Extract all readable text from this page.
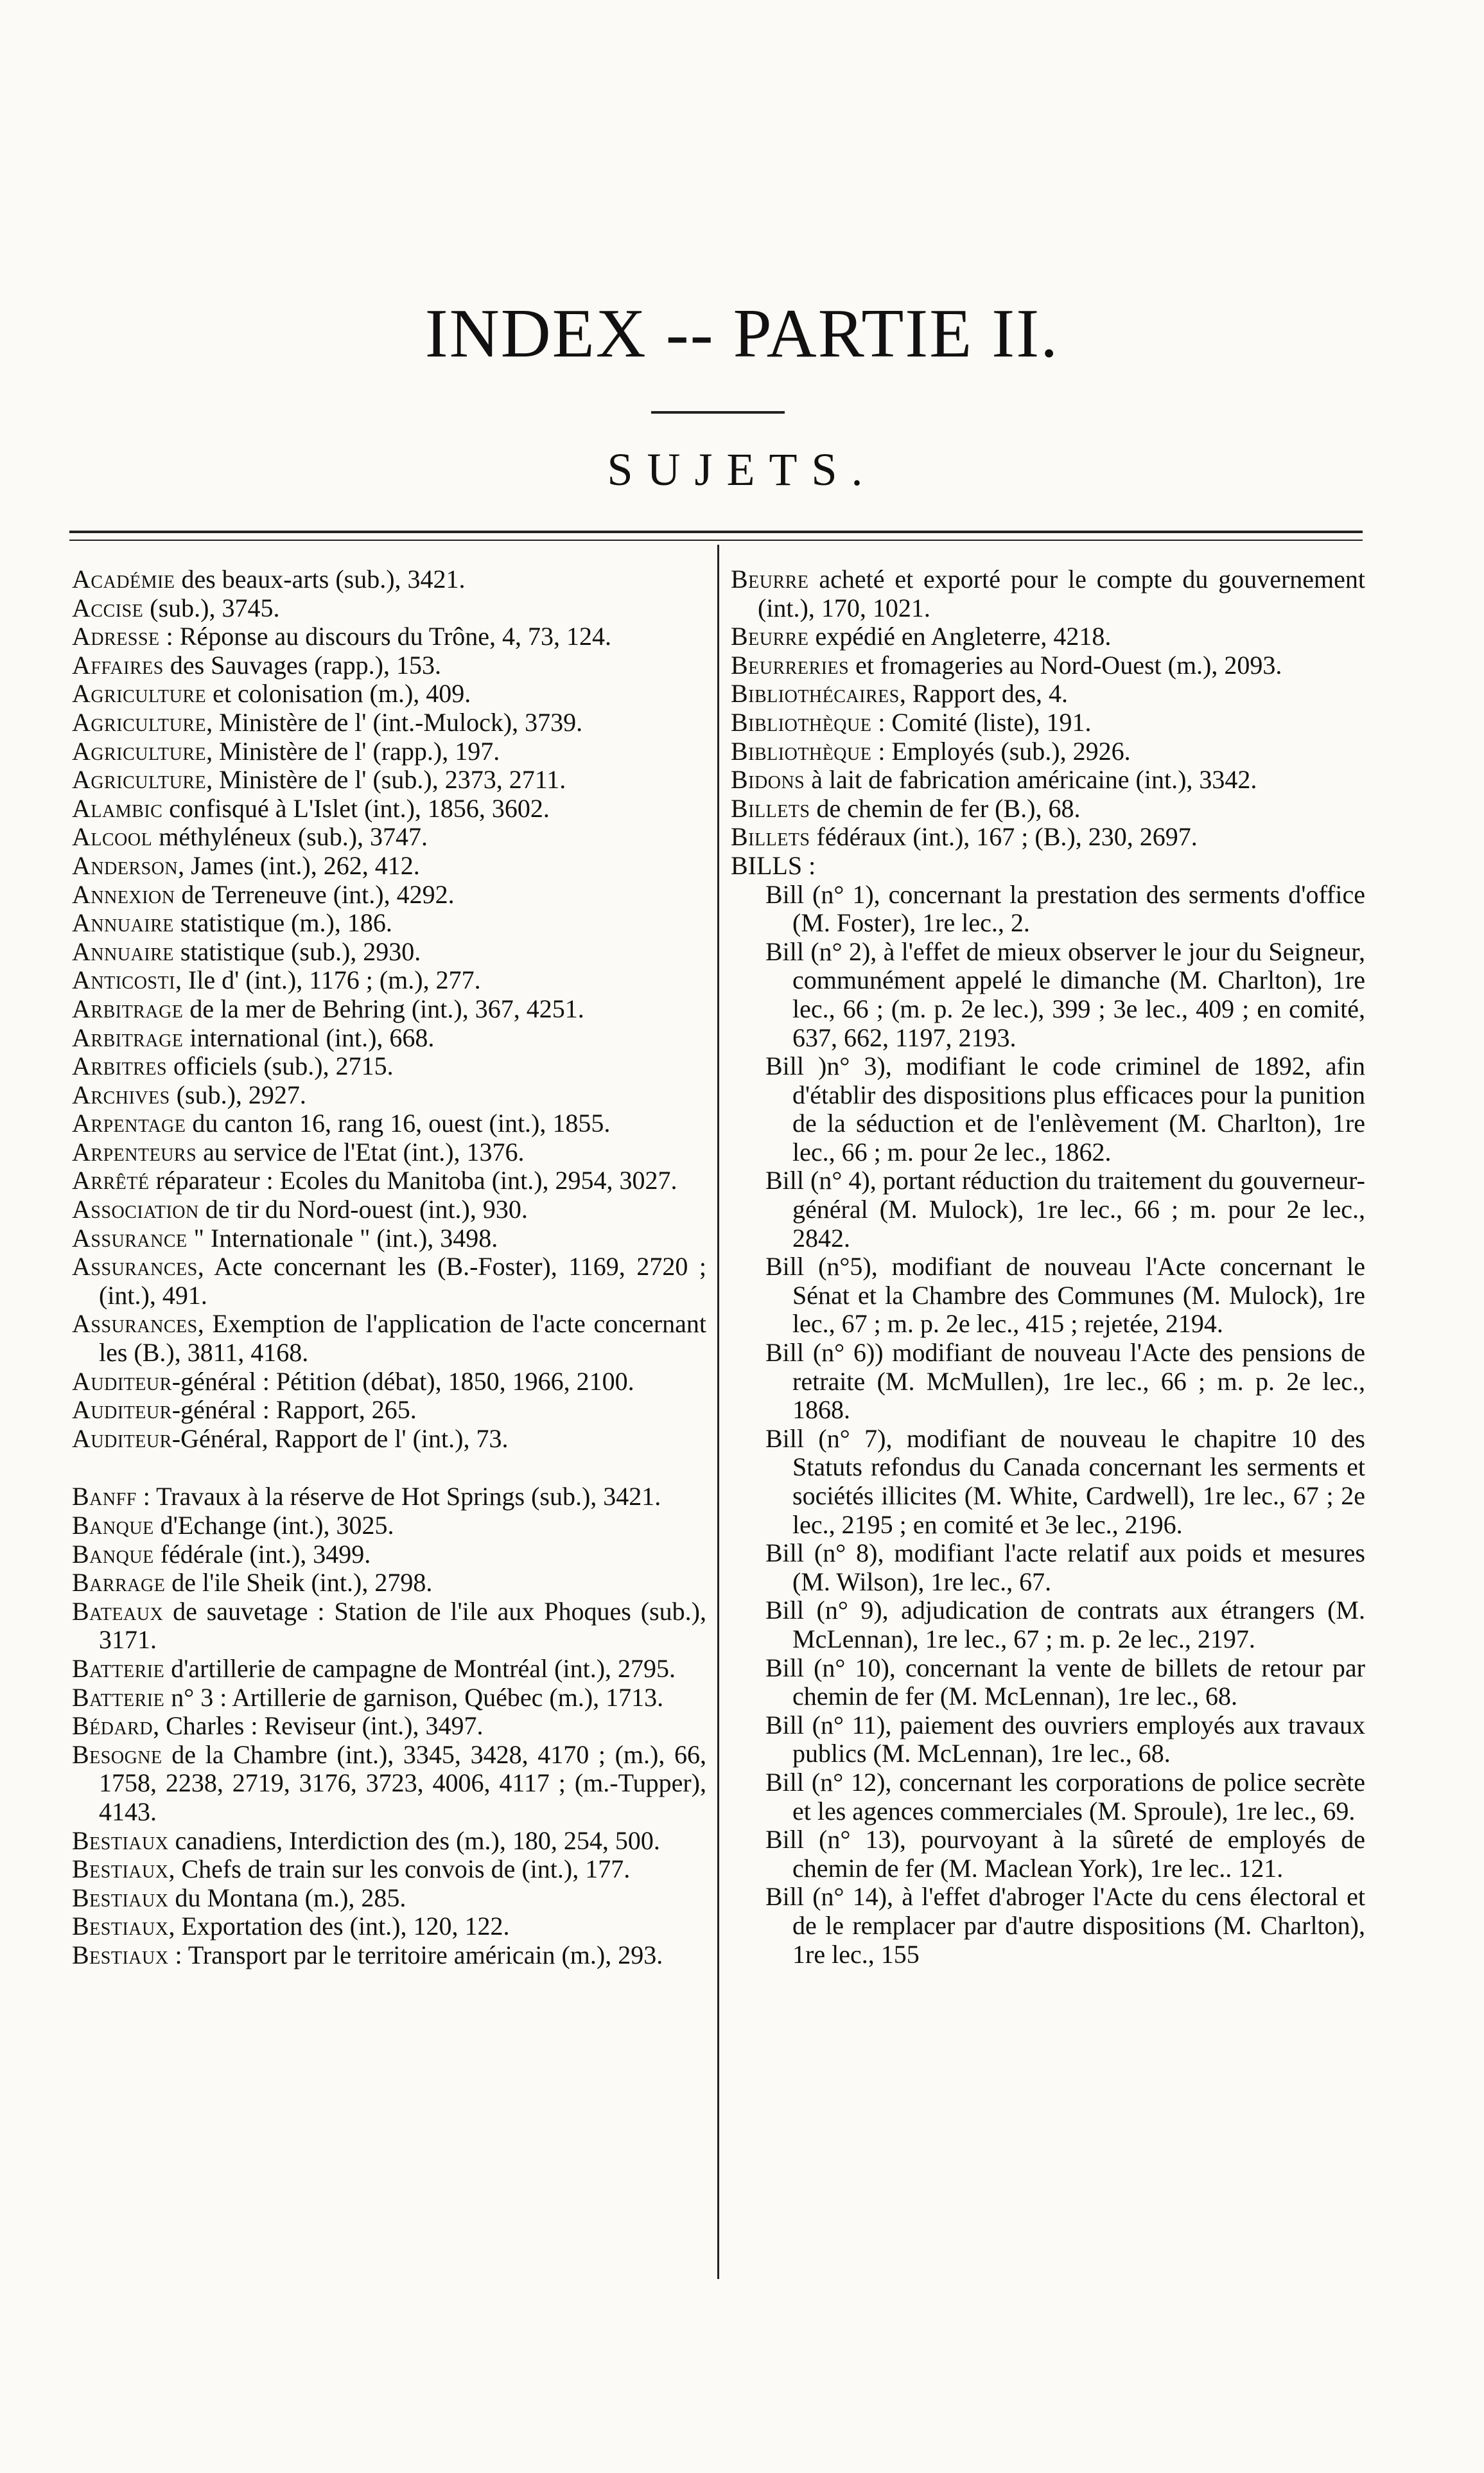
INDEX -- PARTIE II.
SUJETS.
Académie des beaux-arts (sub.), 3421.
Accise (sub.), 3745.
Adresse : Réponse au discours du Trône, 4, 73, 124.
Affaires des Sauvages (rapp.), 153.
Agriculture et colonisation (m.), 409.
Agriculture, Ministère de l' (int.-Mulock), 3739.
Agriculture, Ministère de l' (rapp.), 197.
Agriculture, Ministère de l' (sub.), 2373, 2711.
Alambic confisqué à L'Islet (int.), 1856, 3602.
Alcool méthyléneux (sub.), 3747.
Anderson, James (int.), 262, 412.
Annexion de Terreneuve (int.), 4292.
Annuaire statistique (m.), 186.
Annuaire statistique (sub.), 2930.
Anticosti, Ile d' (int.), 1176 ; (m.), 277.
Arbitrage de la mer de Behring (int.), 367, 4251.
Arbitrage international (int.), 668.
Arbitres officiels (sub.), 2715.
Archives (sub.), 2927.
Arpentage du canton 16, rang 16, ouest (int.), 1855.
Arpenteurs au service de l'Etat (int.), 1376.
Arrêté réparateur : Ecoles du Manitoba (int.), 2954, 3027.
Association de tir du Nord-ouest (int.), 930.
Assurance " Internationale " (int.), 3498.
Assurances, Acte concernant les (B.-Foster), 1169, 2720 ; (int.), 491.
Assurances, Exemption de l'application de l'acte concernant les (B.), 3811, 4168.
Auditeur-général : Pétition (débat), 1850, 1966, 2100.
Auditeur-général : Rapport, 265.
Auditeur-Général, Rapport de l' (int.), 73.
Banff : Travaux à la réserve de Hot Springs (sub.), 3421.
Banque d'Echange (int.), 3025.
Banque fédérale (int.), 3499.
Barrage de l'ile Sheik (int.), 2798.
Bateaux de sauvetage : Station de l'ile aux Phoques (sub.), 3171.
Batterie d'artillerie de campagne de Montréal (int.), 2795.
Batterie n° 3 : Artillerie de garnison, Québec (m.), 1713.
Bédard, Charles : Reviseur (int.), 3497.
Besogne de la Chambre (int.), 3345, 3428, 4170 ; (m.), 66, 1758, 2238, 2719, 3176, 3723, 4006, 4117 ; (m.-Tupper), 4143.
Bestiaux canadiens, Interdiction des (m.), 180, 254, 500.
Bestiaux, Chefs de train sur les convois de (int.), 177.
Bestiaux du Montana (m.), 285.
Bestiaux, Exportation des (int.), 120, 122.
Bestiaux : Transport par le territoire américain (m.), 293.
Beurre acheté et exporté pour le compte du gouvernement (int.), 170, 1021.
Beurre expédié en Angleterre, 4218.
Beurreries et fromageries au Nord-Ouest (m.), 2093.
Bibliothécaires, Rapport des, 4.
Bibliothèque : Comité (liste), 191.
Bibliothèque : Employés (sub.), 2926.
Bidons à lait de fabrication américaine (int.), 3342.
Billets de chemin de fer (B.), 68.
Billets fédéraux (int.), 167 ; (B.), 230, 2697.
BILLS :
Bill (n° 1), concernant la prestation des serments d'office (M. Foster), 1re lec., 2.
Bill (n° 2), à l'effet de mieux observer le jour du Seigneur, communément appelé le dimanche (M. Charlton), 1re lec., 66 ; (m. p. 2e lec.), 399 ; 3e lec., 409 ; en comité, 637, 662, 1197, 2193.
Bill )n° 3), modifiant le code criminel de 1892, afin d'établir des dispositions plus efficaces pour la punition de la séduction et de l'enlèvement (M. Charlton), 1re lec., 66 ; m. pour 2e lec., 1862.
Bill (n° 4), portant réduction du traitement du gouverneur-général (M. Mulock), 1re lec., 66 ; m. pour 2e lec., 2842.
Bill (n°5), modifiant de nouveau l'Acte concernant le Sénat et la Chambre des Communes (M. Mulock), 1re lec., 67 ; m. p. 2e lec., 415 ; rejetée, 2194.
Bill (n° 6)) modifiant de nouveau l'Acte des pensions de retraite (M. McMullen), 1re lec., 66 ; m. p. 2e lec., 1868.
Bill (n° 7), modifiant de nouveau le chapitre 10 des Statuts refondus du Canada concernant les serments et sociétés illicites (M. White, Cardwell), 1re lec., 67 ; 2e lec., 2195 ; en comité et 3e lec., 2196.
Bill (n° 8), modifiant l'acte relatif aux poids et mesures (M. Wilson), 1re lec., 67.
Bill (n° 9), adjudication de contrats aux étrangers (M. McLennan), 1re lec., 67 ; m. p. 2e lec., 2197.
Bill (n° 10), concernant la vente de billets de retour par chemin de fer (M. McLennan), 1re lec., 68.
Bill (n° 11), paiement des ouvriers employés aux travaux publics (M. McLennan), 1re lec., 68.
Bill (n° 12), concernant les corporations de police secrète et les agences commerciales (M. Sproule), 1re lec., 69.
Bill (n° 13), pourvoyant à la sûreté de employés de chemin de fer (M. Maclean York), 1re lec.. 121.
Bill (n° 14), à l'effet d'abroger l'Acte du cens électoral et de le remplacer par d'autre dispositions (M. Charlton), 1re lec., 155
